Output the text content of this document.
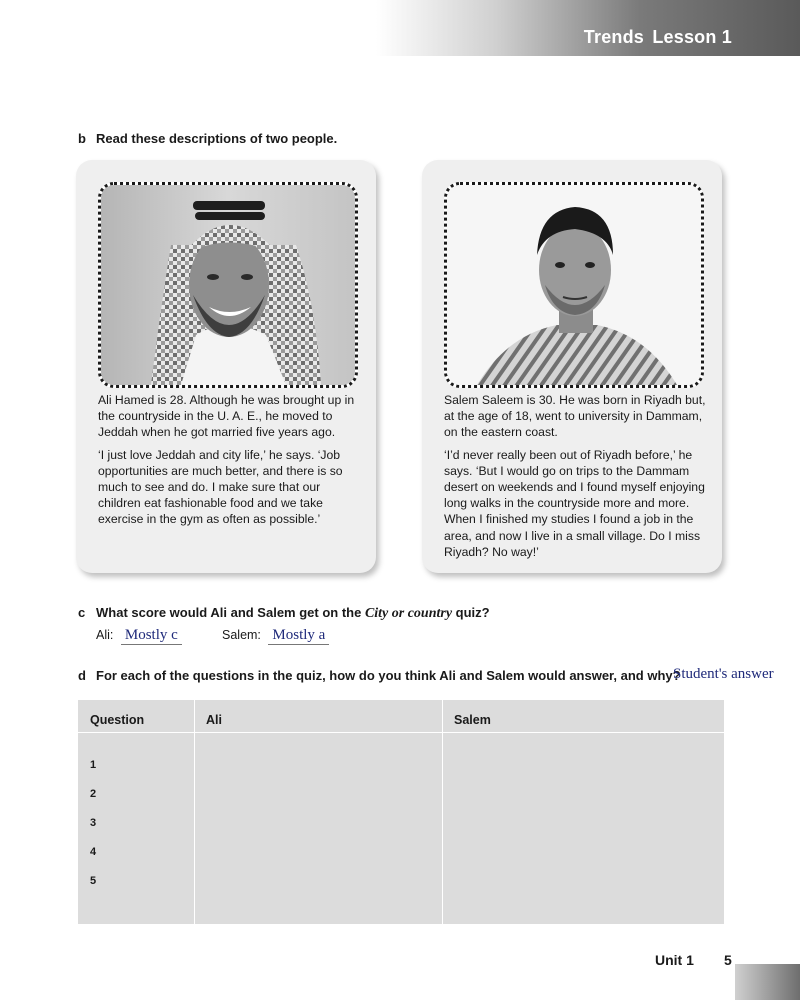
Trends Lesson 1
b Read these descriptions of two people.

Ali Hamed is 28. Although he was brought up in the countryside in the U. A. E., he moved to Jeddah when he got married five years ago.

‘I just love Jeddah and city life,’ he says. ‘Job opportunities are much better, and there is so much to see and do. I make sure that our children eat fashionable food and we take exercise in the gym as often as possible.’

Salem Saleem is 30. He was born in Riyadh but, at the age of 18, went to university in Dammam, on the eastern coast.

‘I’d never really been out of Riyadh before,’ he says. ‘But I would go on trips to the Dammam desert on weekends and I found myself enjoying long walks in the countryside more and more. When I finished my studies I found a job in the area, and now I live in a small village. Do I miss Riyadh? No way!’

c What score would Ali and Salem get on the City or country quiz?
Ali: Mostly c	Salem: Mostly a
d For each of the questions in the quiz, how do you think Ali and Salem would answer, and why?
Student's answer
Question	Ali	Salem
1
2
3
4
5
Unit 1 5
